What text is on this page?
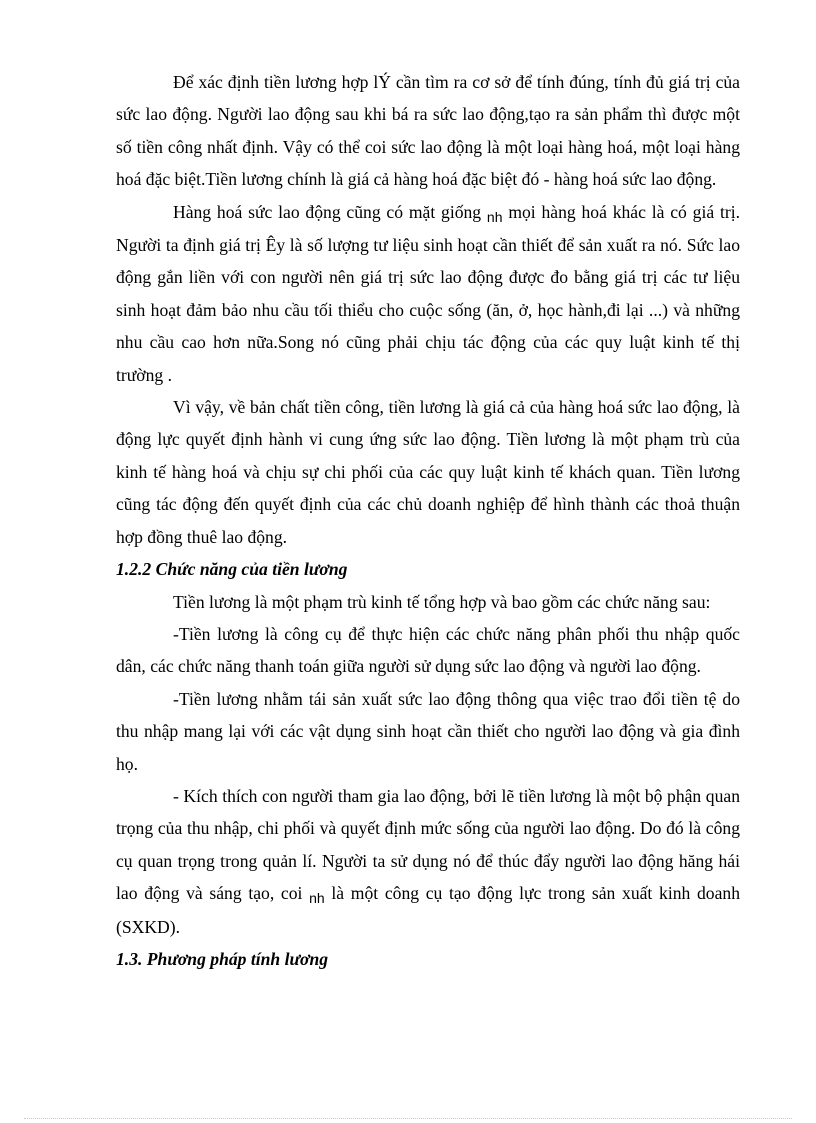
Để xác định tiền lương hợp lÝ cần tìm ra cơ sở để tính đúng, tính đủ giá trị của sức lao động. Người lao động sau khi bá ra sức lao động,tạo ra sản phẩm thì được một số tiền công nhất định. Vậy có thể coi sức lao động là một loại hàng hoá, một loại hàng hoá đặc biệt.Tiền lương chính là giá cả hàng hoá đặc biệt đó - hàng hoá sức lao động.

Hàng hoá sức lao động cũng có mặt giống $_{nh}$ mọi hàng hoá khác là có giá trị. Người ta định giá trị Êy là số lượng tư liệu sinh hoạt cần thiết để sản xuất ra nó. Sức lao động gắn liền với con người nên giá trị sức lao động được đo bằng giá trị các tư liệu sinh hoạt đảm bảo nhu cầu tối thiểu cho cuộc sống (ăn, ở, học hành,đi lại ...) và những nhu cầu cao hơn nữa.Song nó cũng phải chịu tác động của các quy luật kinh tế thị trường .

Vì vậy, về bản chất tiền công, tiền lương là giá cả của hàng hoá sức lao động, là động lực quyết định hành vi cung ứng sức lao động. Tiền lương là một phạm trù của kinh tế hàng hoá và chịu sự chi phối của các quy luật kinh tế khách quan. Tiền lương cũng tác động đến quyết định của các chủ doanh nghiệp để hình thành các thoả thuận hợp đồng thuê lao động.

1.2.2 Chức năng của tiền lương

Tiền lương là một phạm trù kinh tế tổng hợp và bao gồm các chức năng sau:

-Tiền lương là công cụ để thực hiện các chức năng phân phối thu nhập quốc dân, các chức năng thanh toán giữa người sử dụng sức lao động và người lao động.

-Tiền lương nhằm tái sản xuất sức lao động thông qua việc trao đổi tiền tệ do thu nhập mang lại với các vật dụng sinh hoạt cần thiết cho người lao động và gia đình họ.

- Kích thích con người tham gia lao động, bởi lẽ tiền lương là một bộ phận quan trọng của thu nhập, chi phối và quyết định mức sống của người lao động. Do đó là công cụ quan trọng trong quản lí. Người ta sử dụng nó để thúc đẩy người lao động hăng hái lao động và sáng tạo, coi $_{nh}$ là một công cụ tạo động lực trong sản xuất kinh doanh (SXKD).

1.3. Phương pháp tính lương
